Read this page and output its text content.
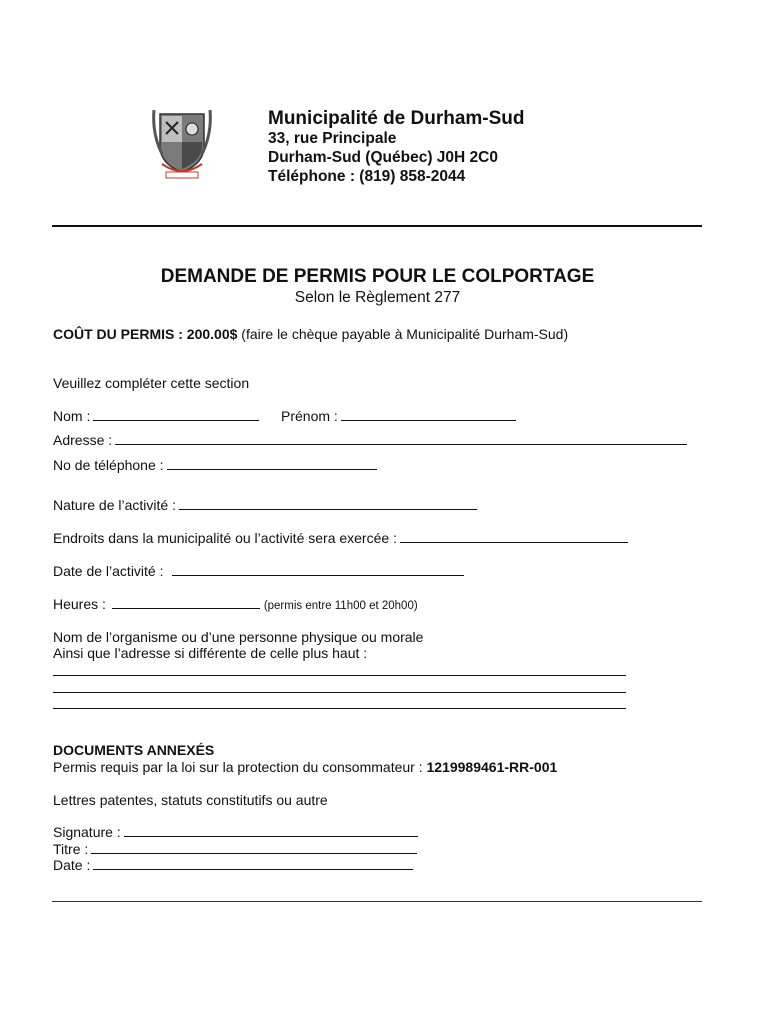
Municipalité de Durham-Sud
33, rue Principale
Durham-Sud (Québec) J0H 2C0
Téléphone : (819) 858-2044
DEMANDE DE PERMIS POUR LE COLPORTAGE
Selon le Règlement 277
COÛT DU PERMIS : 200.00$ (faire le chèque payable à Municipalité Durham-Sud)
Veuillez compléter cette section
Nom :	Prénom :
Adresse :
No de téléphone :
Nature de l’activité :
Endroits dans la municipalité ou l’activité sera exercée :
Date de l’activité :
Heures :	(permis entre 11h00 et 20h00)
Nom de l’organisme ou d’une personne physique ou morale
Ainsi que l’adresse si différente de celle plus haut :
DOCUMENTS ANNEXÉS
Permis requis par la loi sur la protection du consommateur : 1219989461-RR-001
Lettres patentes, statuts constitutifs ou autre
Signature :
Titre :
Date :
